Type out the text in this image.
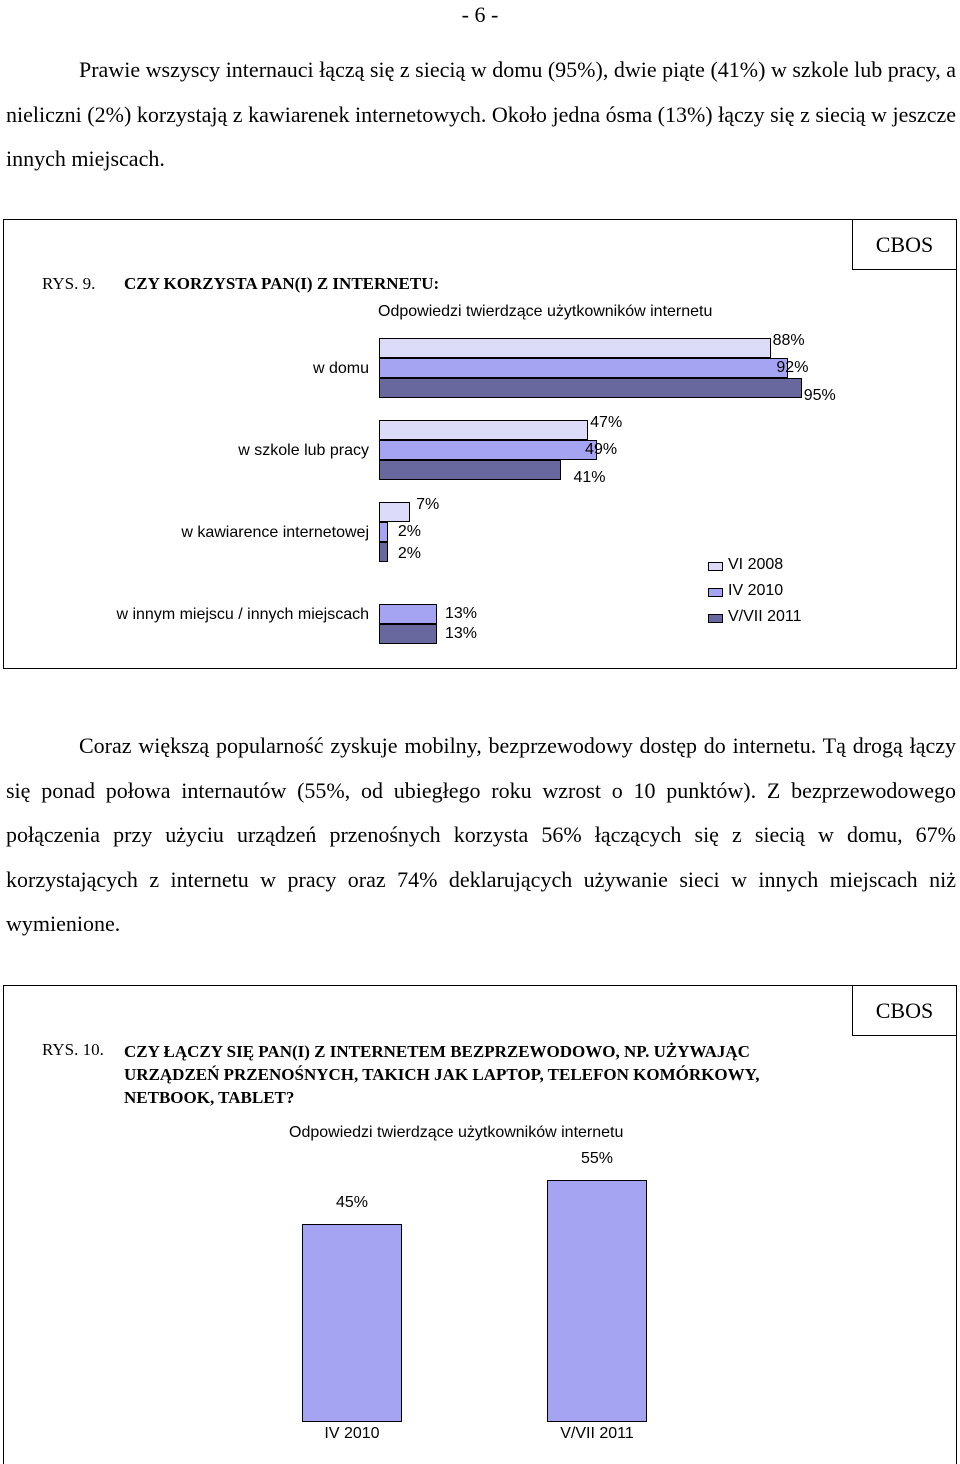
- 6 -

Prawie wszyscy internauci łączą się z siecią w domu (95%), dwie piąte (41%) w szkole lub pracy, a nieliczni (2%) korzystają z kawiarenek internetowych. Około jedna ósma (13%) łączy się z siecią w jeszcze innych miejscach.

CBOS
RYS. 9. CZY KORZYSTA PAN(I) Z INTERNETU:
Odpowiedzi twierdzące użytkowników internetu
w domu
88%
92%
95%
w szkole lub pracy
47%
49%
41%
w kawiarence internetowej
7%
2%
2%
w innym miejscu / innych miejscach	13%
13%
VI 2008
IV 2010
V/VII 2011

Coraz większą popularność zyskuje mobilny, bezprzewodowy dostęp do internetu. Tą drogą łączy się ponad połowa internautów (55%, od ubiegłego roku wzrost o 10 punktów). Z bezprzewodowego połączenia przy użyciu urządzeń przenośnych korzysta 56% łączących się z siecią w domu, 67% korzystających z internetu w pracy oraz 74% deklarujących używanie sieci w innych miejscach niż wymienione.

CBOS
RYS. 10. CZY ŁĄCZY SIĘ PAN(I) Z INTERNETEM BEZPRZEWODOWO, NP. UŻYWAJĄC URZĄDZEŃ PRZENOŚNYCH, TAKICH JAK LAPTOP, TELEFON KOMÓRKOWY, NETBOOK, TABLET?
Odpowiedzi twierdzące użytkowników internetu
45%
IV 2010
55%
V/VII 2011
